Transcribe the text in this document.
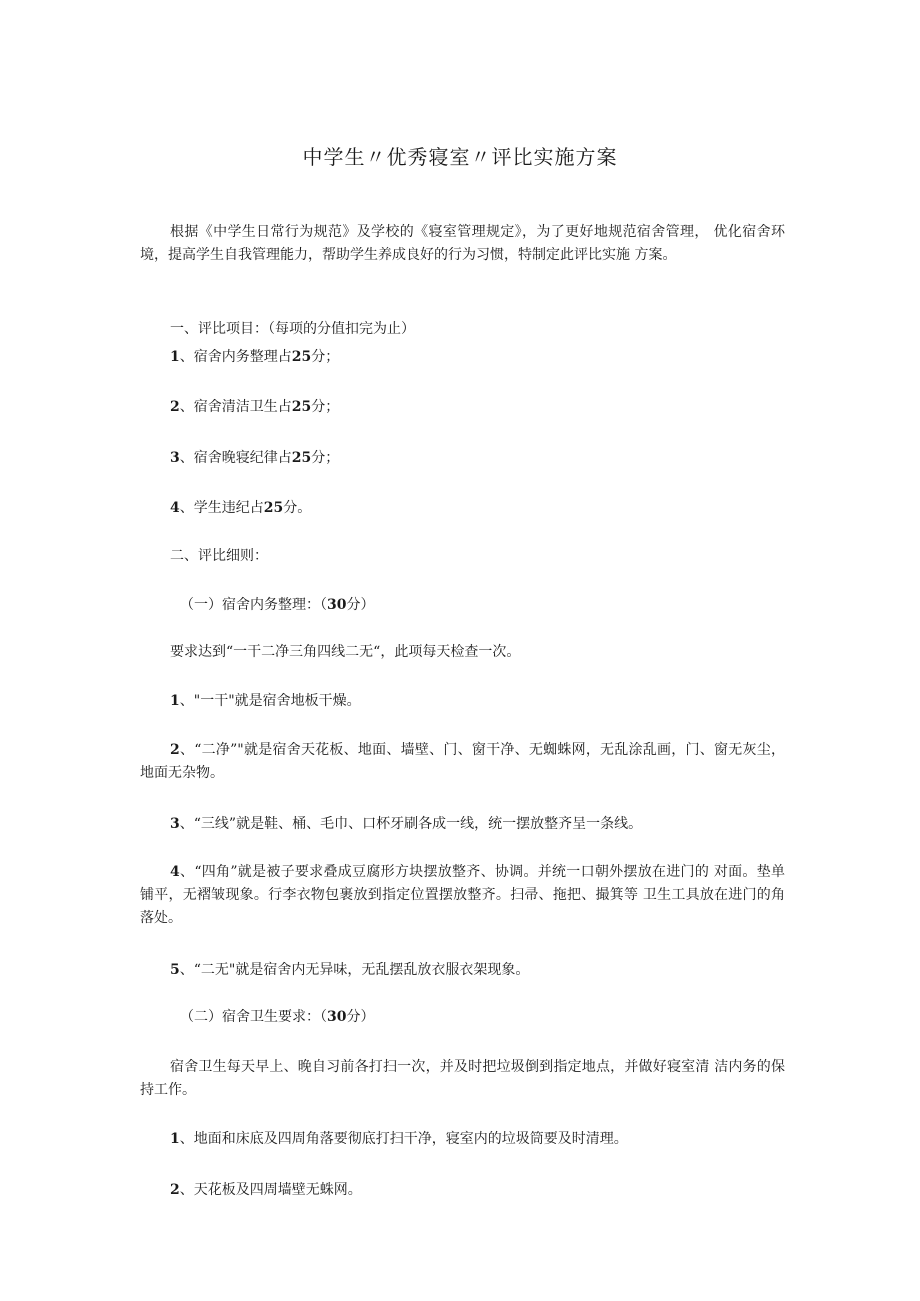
中学生〃优秀寝室〃评比实施方案

根据《中学生日常行为规范》及学校的《寝室管理规定》，为了更好地规范宿舍管理， 优化宿舍环境，提高学生自我管理能力，帮助学生养成良好的行为习惯，特制定此评比实施 方案。

一、评比项目：（每项的分值扣完为止）

1、宿舍内务整理占25分；

2、宿舍清洁卫生占25分；

3、宿舍晚寝纪律占25分；

4、学生违纪占25分。

二、评比细则：

（一）宿舍内务整理：（30分）

要求达到“一干二净三角四线二无“，此项每天检查一次。

1、"一干"就是宿舍地板干燥。

2、“二净”"就是宿舍天花板、地面、墙壁、门、窗干净、无蜘蛛网，无乱涂乱画，门、窗无灰尘，地面无杂物。

3、“三线”就是鞋、桶、毛巾、口杯牙刷各成一线，统一摆放整齐呈一条线。

4、“四角”就是被子要求叠成豆腐形方块摆放整齐、协调。并统一口朝外摆放在进门的 对面。垫单铺平，无褶皱现象。行李衣物包裹放到指定位置摆放整齐。扫帚、拖把、撮箕等 卫生工具放在进门的角落处。

5、“二无"就是宿舍内无异味，无乱摆乱放衣服衣架现象。

（二）宿舍卫生要求：（30分）

宿舍卫生每天早上、晚自习前各打扫一次，并及时把垃圾倒到指定地点，并做好寝室清 洁内务的保持工作。

1、地面和床底及四周角落要彻底打扫干净，寝室内的垃圾筒要及时清理。

2、天花板及四周墙壁无蛛网。
